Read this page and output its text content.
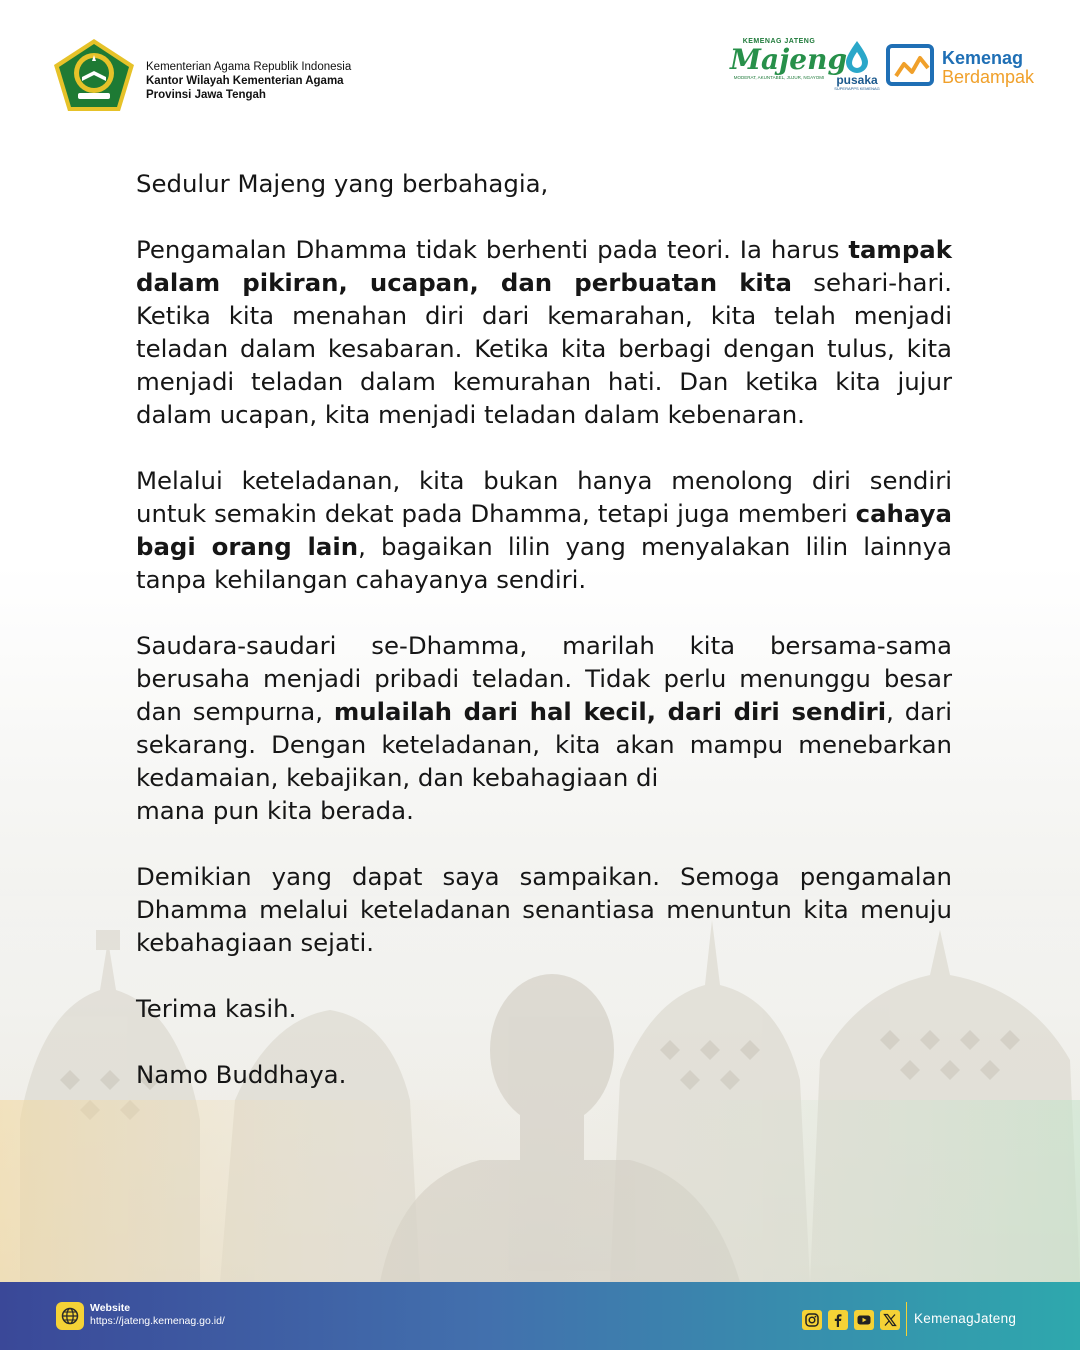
Kementerian Agama Republik Indonesia
Kantor Wilayah Kementerian Agama
Provinsi Jawa Tengah
KEMENAG JATENG
Majeng
MODERAT, AKUNTABEL, JUJUR, NGAYOMI	pusaka
SUPERAPPS KEMENAG
Kemenag
Berdampak

Sedulur Majeng yang berbahagia,

Pengamalan Dhamma tidak berhenti pada teori. Ia harus tampak dalam pikiran, ucapan, dan perbuatan kita sehari-hari. Ketika kita menahan diri dari kemarahan, kita telah menjadi teladan dalam kesabaran. Ketika kita berbagi dengan tulus, kita menjadi teladan dalam kemurahan hati. Dan ketika kita jujur dalam ucapan, kita menjadi teladan dalam kebenaran.

Melalui keteladanan, kita bukan hanya menolong diri sendiri untuk semakin dekat pada Dhamma, tetapi juga memberi cahaya bagi orang lain, bagaikan lilin yang menyalakan lilin lainnya tanpa kehilangan cahayanya sendiri.

Saudara-saudari se-Dhamma, marilah kita bersama-sama berusaha menjadi pribadi teladan. Tidak perlu menunggu besar dan sempurna, mulailah dari hal kecil, dari diri sendiri, dari sekarang. Dengan keteladanan, kita akan mampu menebarkan kedamaian, kebajikan, dan kebahagiaan di
mana pun kita berada.

Demikian yang dapat saya sampaikan. Semoga pengamalan Dhamma melalui keteladanan senantiasa menuntun kita menuju kebahagiaan sejati.

Terima kasih.

Namo Buddhaya.

Website
https://jateng.kemenag.go.id/	KemenagJateng
